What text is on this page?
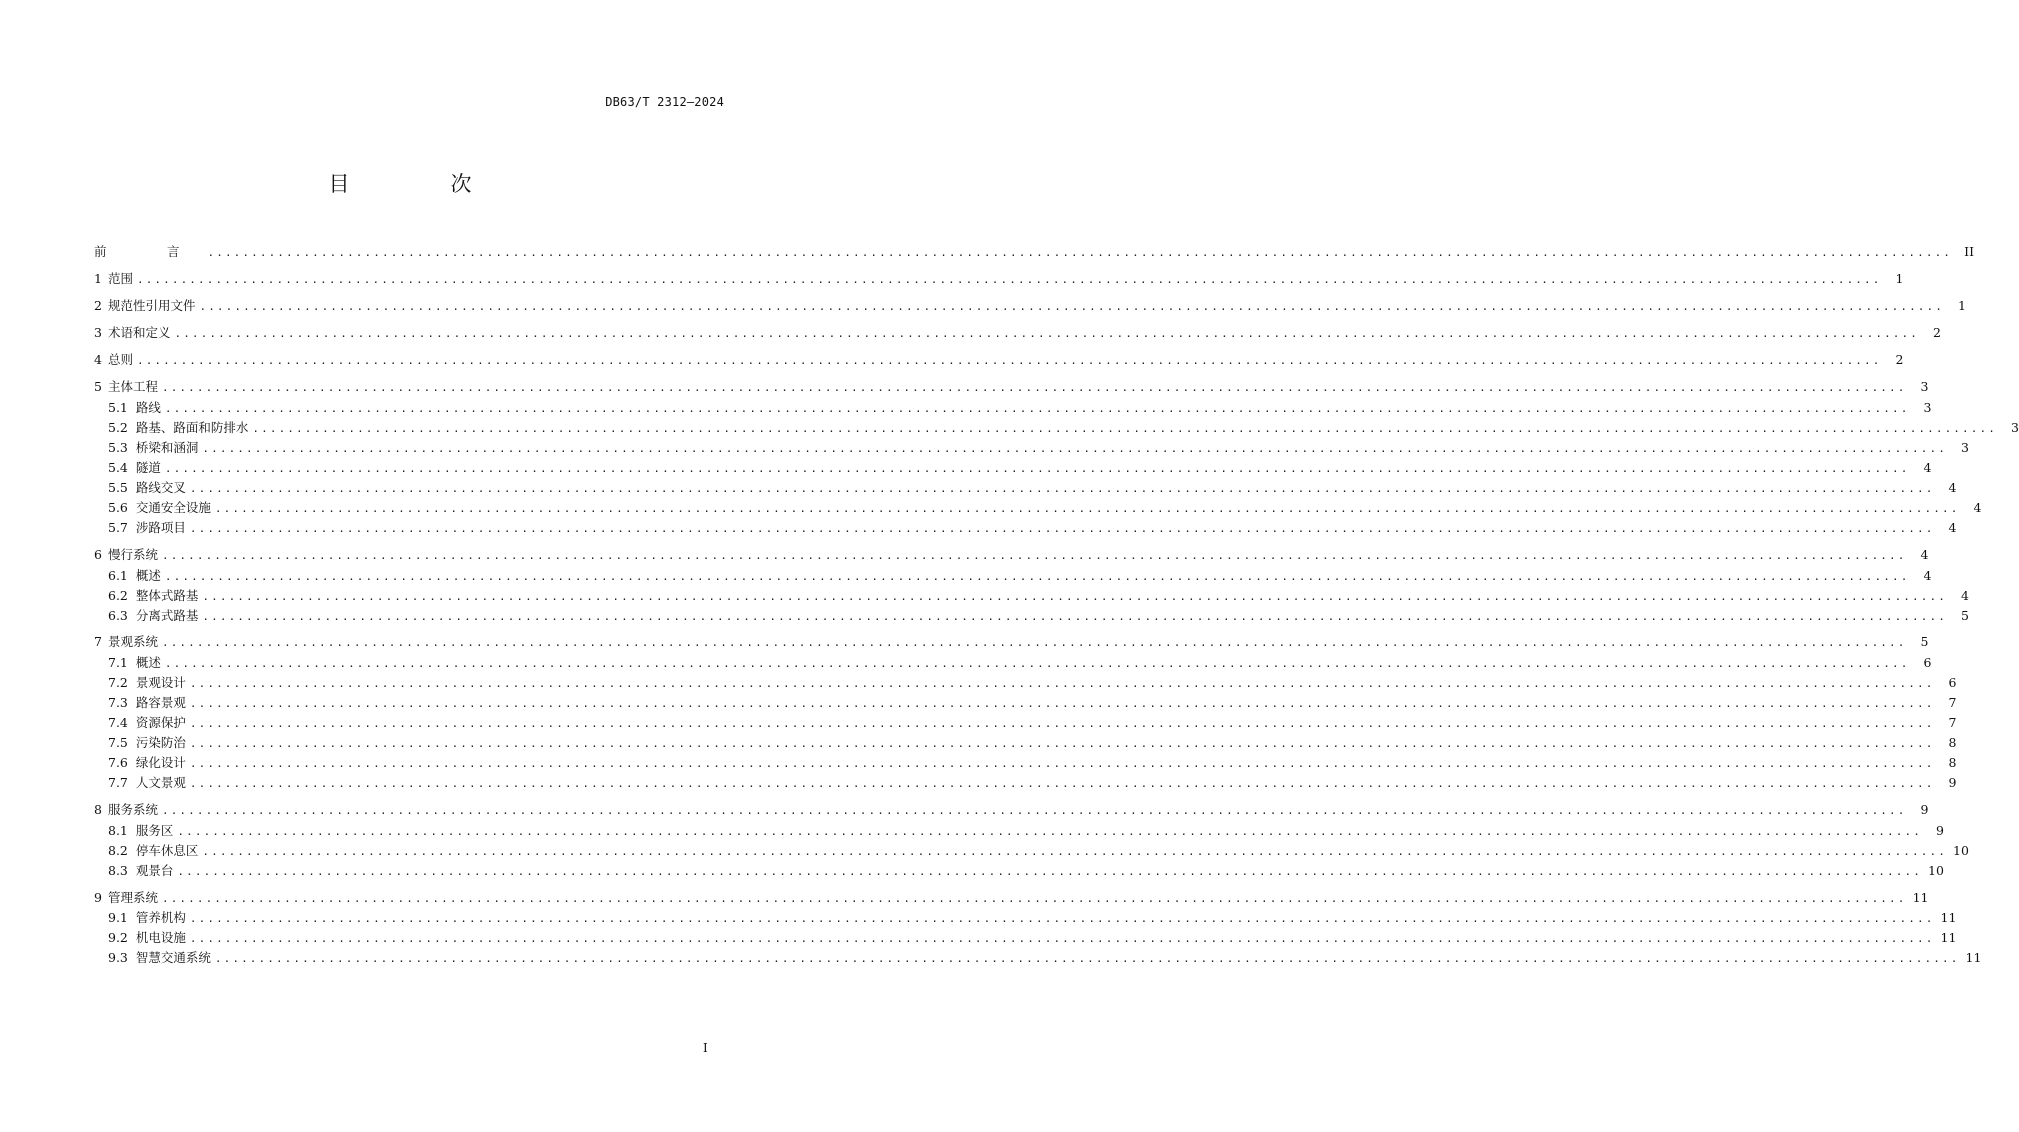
DB63/T 2312—2024
目　次
前　言 ........................................................................................................................................................................................................ II
1 范围 ........................................................................................................................................................................................................	1
2 规范性引用文件 ........................................................................................................................................................................................................	1
3 术语和定义 ........................................................................................................................................................................................................	2
4 总则 ........................................................................................................................................................................................................	2
5 主体工程 ........................................................................................................................................................................................................	3
5.1 路线 ........................................................................................................................................................................................................	3
5.2 路基、路面和防排水 ........................................................................................................................................................................................................	3
5.3 桥梁和涵洞 ........................................................................................................................................................................................................	3
5.4 隧道 ........................................................................................................................................................................................................	4
5.5 路线交叉 ........................................................................................................................................................................................................	4
5.6 交通安全设施 ........................................................................................................................................................................................................	4
5.7 涉路项目 ........................................................................................................................................................................................................	4
6 慢行系统 ........................................................................................................................................................................................................	4
6.1 概述 ........................................................................................................................................................................................................	4
6.2 整体式路基 ........................................................................................................................................................................................................	4
6.3 分离式路基 ........................................................................................................................................................................................................	5
7 景观系统 ........................................................................................................................................................................................................	5
7.1 概述 ........................................................................................................................................................................................................	6
7.2 景观设计 ........................................................................................................................................................................................................	6
7.3 路容景观 ........................................................................................................................................................................................................	7
7.4 资源保护 ........................................................................................................................................................................................................	7
7.5 污染防治 ........................................................................................................................................................................................................	8
7.6 绿化设计 ........................................................................................................................................................................................................	8
7.7 人文景观 ........................................................................................................................................................................................................	9
8 服务系统 ........................................................................................................................................................................................................	9
8.1 服务区 ........................................................................................................................................................................................................	9
8.2 停车休息区 ........................................................................................................................................................................................................ 10
8.3 观景台 ........................................................................................................................................................................................................ 10
9 管理系统 ........................................................................................................................................................................................................ 11
9.1 管养机构 ........................................................................................................................................................................................................ 11
9.2 机电设施 ........................................................................................................................................................................................................ 11
9.3 智慧交通系统 ........................................................................................................................................................................................................ 11
I
